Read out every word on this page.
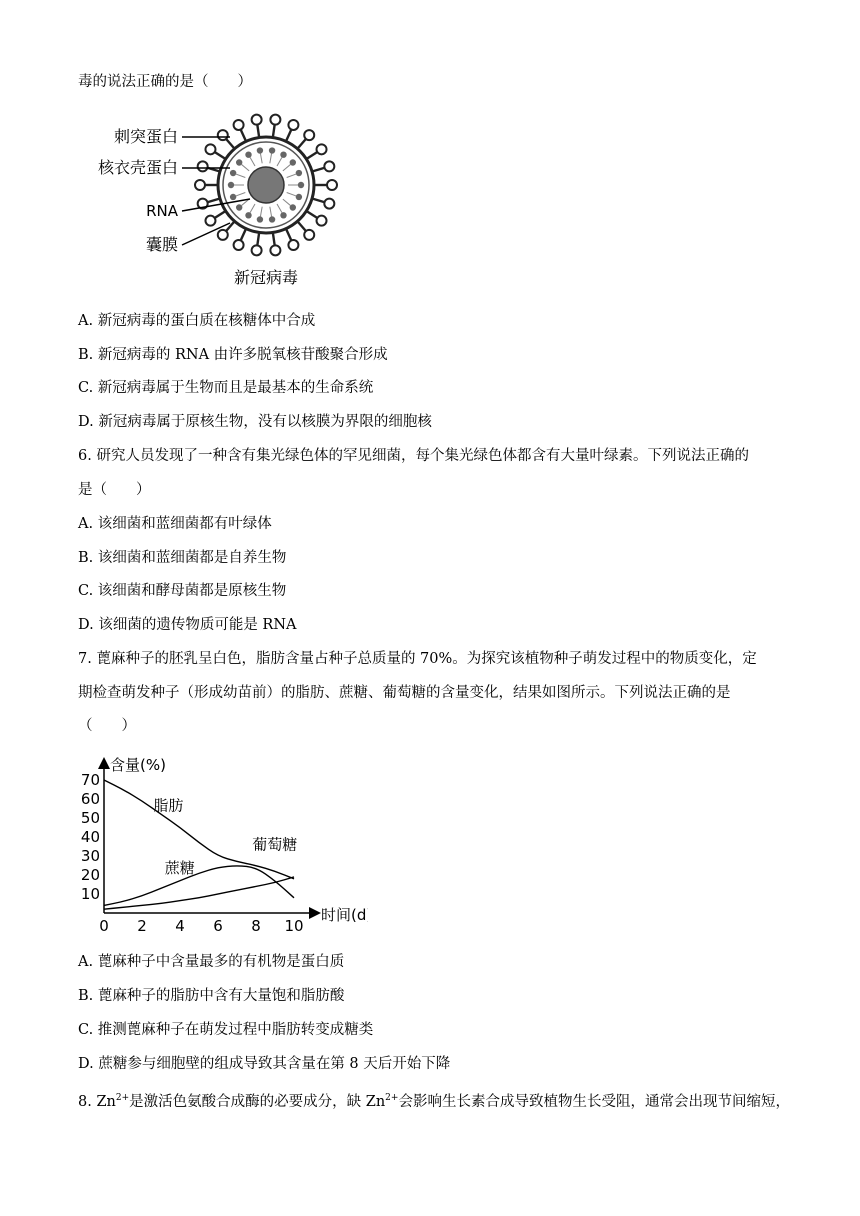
毒的说法正确的是（　　）
刺突蛋白
核衣壳蛋白
RNA
囊膜
新冠病毒
A. 新冠病毒的蛋白质在核糖体中合成
B. 新冠病毒的 RNA 由许多脱氧核苷酸聚合形成
C. 新冠病毒属于生物而且是最基本的生命系统
D. 新冠病毒属于原核生物，没有以核膜为界限的细胞核
6. 研究人员发现了一种含有集光绿色体的罕见细菌，每个集光绿色体都含有大量叶绿素。下列说法正确的
是（　　）
A. 该细菌和蓝细菌都有叶绿体
B. 该细菌和蓝细菌都是自养生物
C. 该细菌和酵母菌都是原核生物
D. 该细菌的遗传物质可能是 RNA
7. 蓖麻种子的胚乳呈白色，脂肪含量占种子总质量的 70%。为探究该植物种子萌发过程中的物质变化，定
期检查萌发种子（形成幼苗前）的脂肪、蔗糖、葡萄糖的含量变化，结果如图所示。下列说法正确的是
（　　）
10
20
30
40
50
60
70
0 2 4 6 8 10
脂肪
蔗糖
葡萄糖
含量(%)
时间(d)
A. 蓖麻种子中含量最多的有机物是蛋白质
B. 蓖麻种子的脂肪中含有大量饱和脂肪酸
C. 推测蓖麻种子在萌发过程中脂肪转变成糖类
D. 蔗糖参与细胞壁的组成导致其含量在第 8 天后开始下降
8. $Zn^{2+}$是激活色氨酸合成酶的必要成分，缺 $Zn^{2+}$会影响生长素合成导致植物生长受阻，通常会出现节间缩短，
